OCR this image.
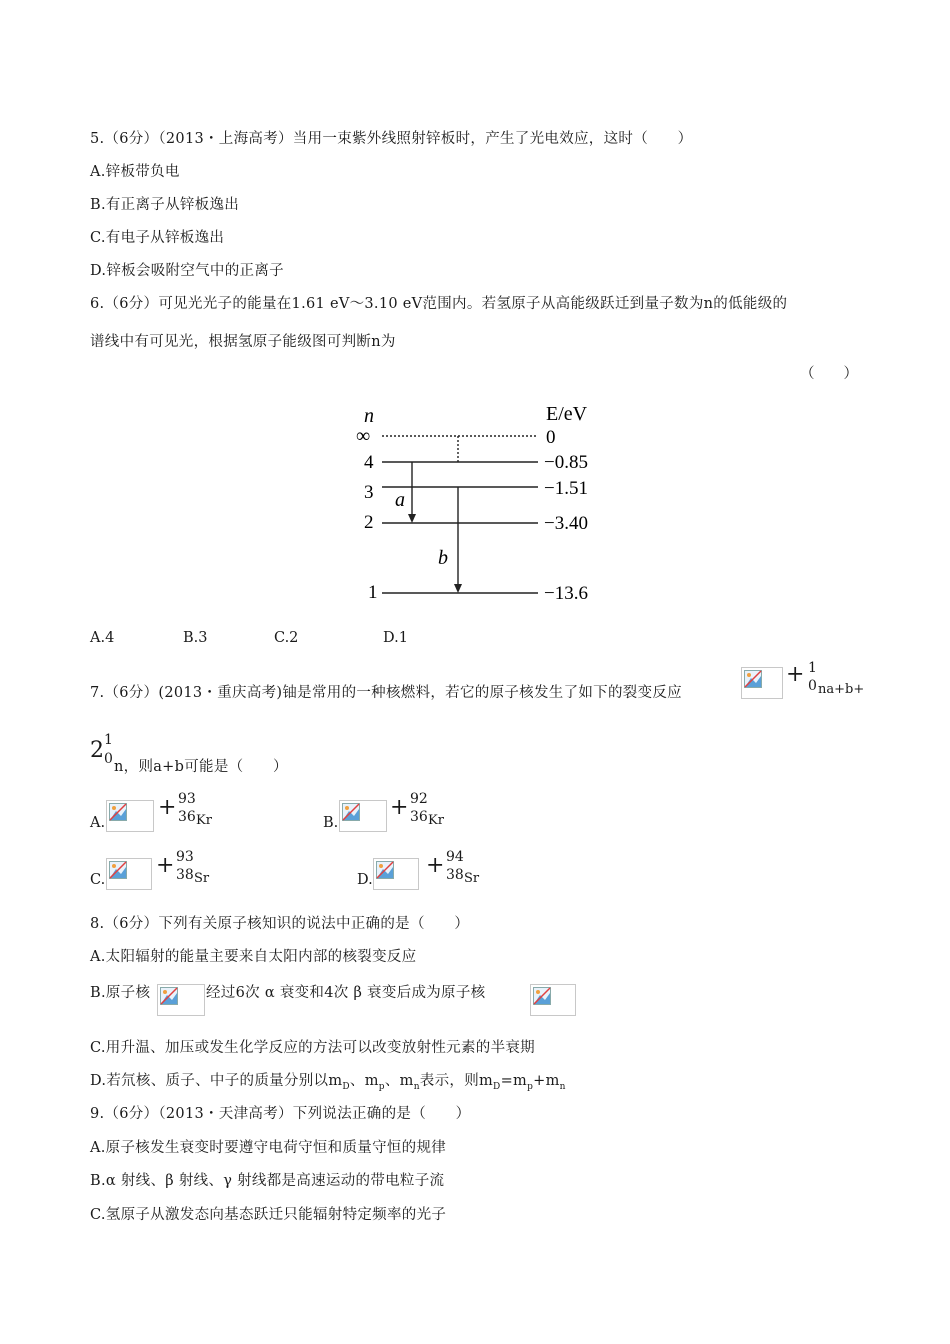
5.（6分）（2013・上海高考）当用一束紫外线照射锌板时，产生了光电效应，这时（　　）
A.锌板带负电
B.有正离子从锌板逸出
C.有电子从锌板逸出
D.锌板会吸附空气中的正离子
6.（6分）可见光光子的能量在1.61 eV～3.10 eV范围内。若氢原子从高能级跃迁到量子数为n的低能级的
谱线中有可见光，根据氢原子能级图可判断n为
（　　）
n	E/eV
∞	0
4	−0.85
3	−1.51
2	−3.40
1	−13.6
a
b
A.4	B.3	C.2	D.1
7.（6分）(2013・重庆高考)铀是常用的一种核燃料，若它的原子核发生了如下的裂变反应
+ 1
0 na+b+
2 1
0 n，则a+b可能是（　　）
A.
+ 93
36 Kr	B.
+ 92
36 Kr
C.
+ 93
38 Sr	D.
+ 94
38 Sr
8.（6分）下列有关原子核知识的说法中正确的是（　　）
A.太阳辐射的能量主要来自太阳内部的核裂变反应
B.原子核	经过6次 α 衰变和4次 β 衰变后成为原子核
C.用升温、加压或发生化学反应的方法可以改变放射性元素的半衰期
D.若氘核、质子、中子的质量分别以$m_D$、$m_p$、$m_n$表示，则$m_D=m_p+m_n$
9.（6分）（2013・天津高考）下列说法正确的是（　　）
A.原子核发生衰变时要遵守电荷守恒和质量守恒的规律
B.α 射线、β 射线、γ 射线都是高速运动的带电粒子流
C.氢原子从激发态向基态跃迁只能辐射特定频率的光子
